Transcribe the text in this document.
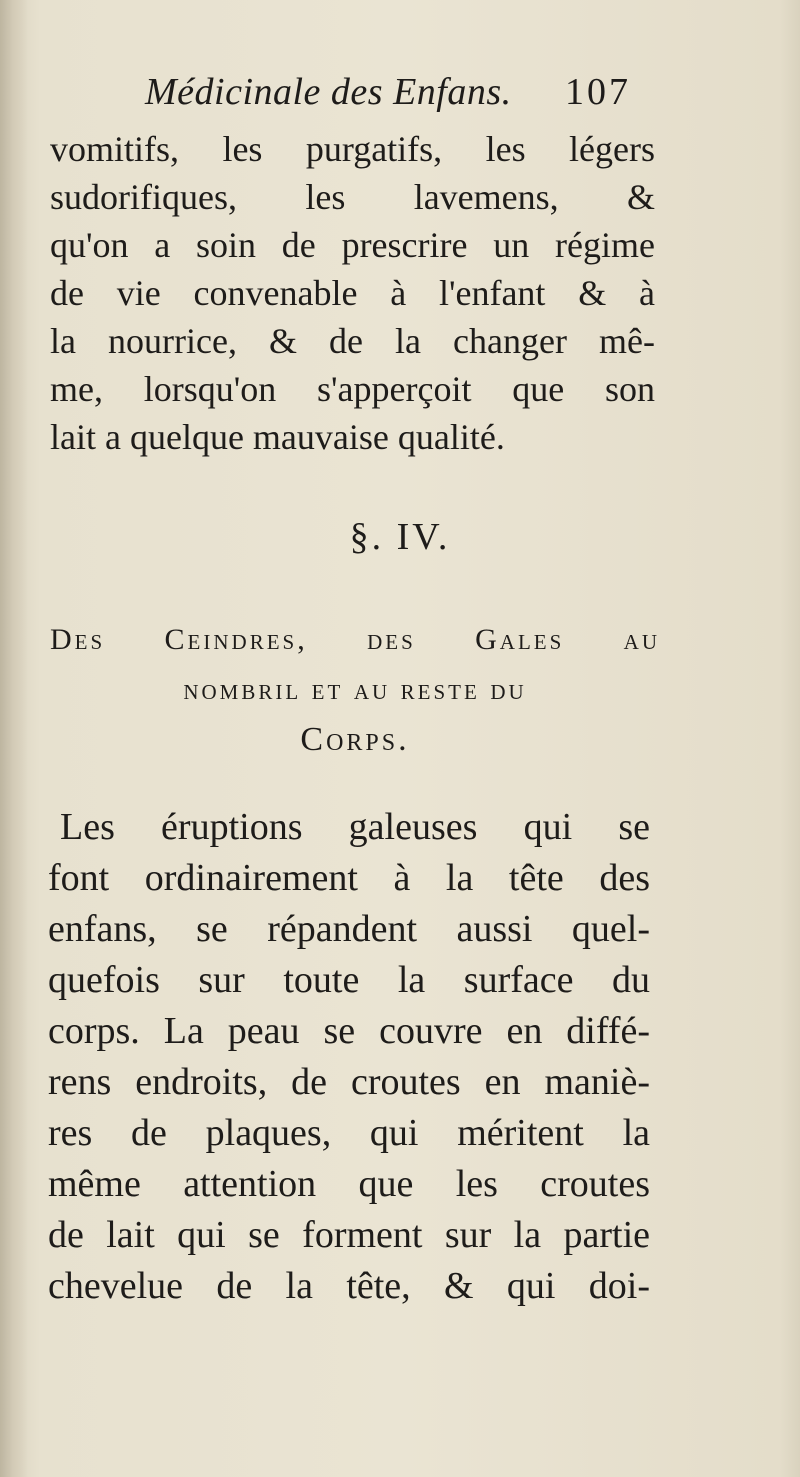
Médicinale des Enfans. 107
vomitifs, les purgatifs, les légers
sudorifiques, les lavemens, &
qu'on a soin de prescrire un régime
de vie convenable à l'enfant & à
la nourrice, & de la changer mê-
me, lorsqu'on s'apperçoit que son
lait a quelque mauvaise qualité.
§. IV.
Des Ceindres, des Gales au
nombril et au reste du
Corps.
Les éruptions galeuses qui se
font ordinairement à la tête des
enfans, se répandent aussi quel-
quefois sur toute la surface du
corps. La peau se couvre en diffé-
rens endroits, de croutes en maniè-
res de plaques, qui méritent la
même attention que les croutes
de lait qui se forment sur la partie
chevelue de la tête, & qui doi-
